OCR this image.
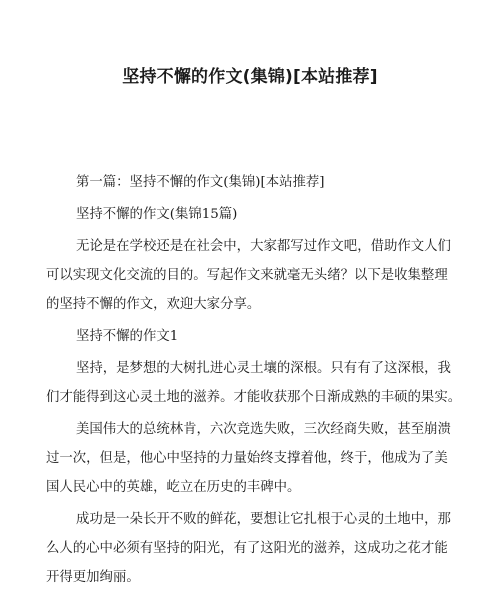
坚持不懈的作文(集锦)[本站推荐]
第一篇：坚持不懈的作文(集锦)[本站推荐]
坚持不懈的作文(集锦15篇)
无论是在学校还是在社会中，大家都写过作文吧，借助作文人们
可以实现文化交流的目的。写起作文来就毫无头绪？以下是收集整理
的坚持不懈的作文，欢迎大家分享。
坚持不懈的作文1
坚持，是梦想的大树扎进心灵土壤的深根。只有有了这深根，我
们才能得到这心灵土地的滋养。才能收获那个日渐成熟的丰硕的果实。
美国伟大的总统林肯，六次竞选失败，三次经商失败，甚至崩溃
过一次，但是，他心中坚持的力量始终支撑着他，终于，他成为了美
国人民心中的英雄，屹立在历史的丰碑中。
成功是一朵长开不败的鲜花，要想让它扎根于心灵的土地中，那
么人的心中必须有坚持的阳光，有了这阳光的滋养，这成功之花才能
开得更加绚丽。
